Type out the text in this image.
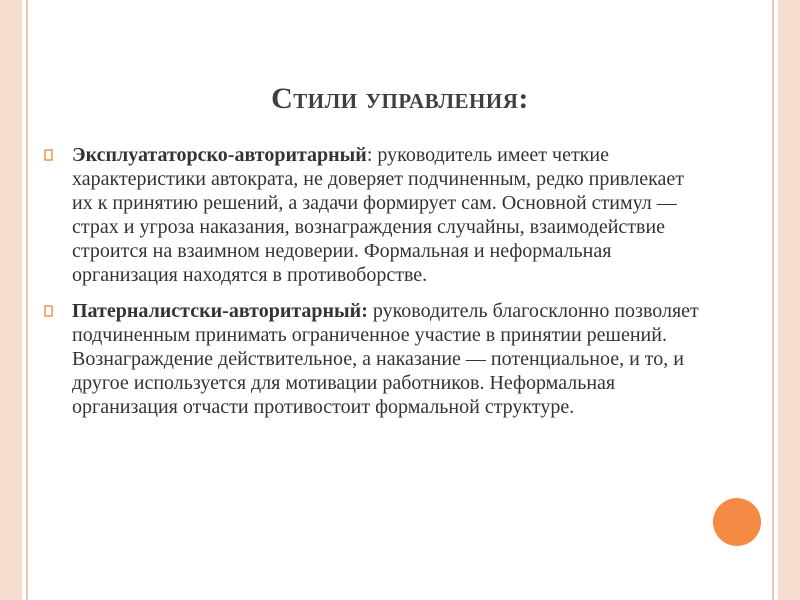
Стили управления:
Эксплуататорско-авторитарный: руководитель имеет четкие характеристики автократа, не доверяет подчиненным, редко привлекает их к принятию решений, а задачи формирует сам. Основной стимул — страх и угроза наказания, вознаграждения случайны, взаимодействие строится на взаимном недоверии. Формальная и неформальная организация находятся в противоборстве.
Патерналистски-авторитарный: руководитель благосклонно позволяет подчиненным принимать ограниченное участие в принятии решений. Вознаграждение действительное, а наказание — потенциальное, и то, и другое используется для мотивации работников. Неформальная организация отчасти противостоит формальной структуре.
